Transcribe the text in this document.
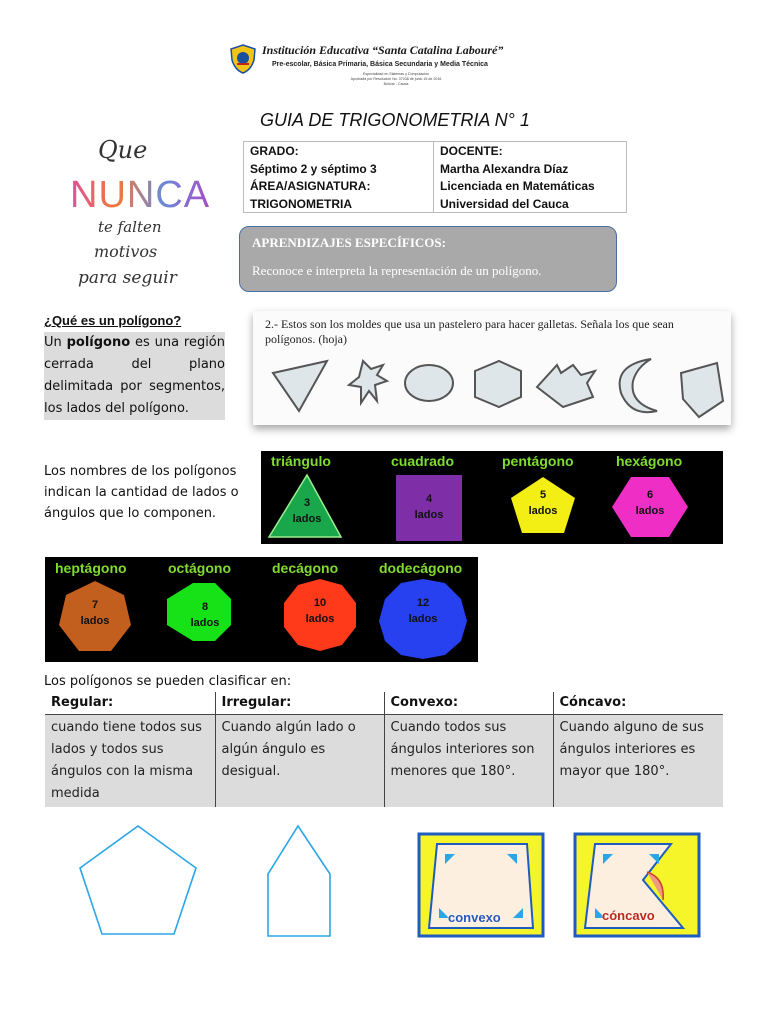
Institución Educativa “Santa Catalina Labouré”
Pre-escolar, Básica Primaria, Básica Secundaria y Media Técnica
Especialidad en Sistemas y Computación
Aprobada por Resolución No. 07038 de junio 15 de 2016
Bolívar - Cauca
GUIA DE TRIGONOMETRIA N° 1
Que
NUNCA
te falten
motivos
para seguir
GRADO:
Séptimo 2 y séptimo 3
ÁREA/ASIGNATURA:
TRIGONOMETRIA
DOCENTE:
Martha Alexandra Díaz
Licenciada en Matemáticas
Universidad del Cauca
APRENDIZAJES ESPECÍFICOS:
Reconoce e interpreta la representación de un polígono.
¿Qué es un polígono?
Un polígono es una región cerrada del plano delimitada por segmentos, los lados del polígono.
2.- Estos son los moldes que usa un pastelero para hacer galletas. Señala los que sean polígonos. (hoja)
Los nombres de los polígonos indican la cantidad de lados o ángulos que lo componen.
triángulo	cuadrado	pentágono	hexágono
3
lados
4
lados
5
lados
6
lados
heptágono	octágono	decágono	dodecágono
7
lados
8
lados
10
lados
12
lados
Los polígonos se pueden clasificar en:
Regular:	Irregular:	Convexo:	Cóncavo:
cuando tiene todos sus lados y todos sus ángulos con la misma medida	Cuando algún lado o algún ángulo es desigual.	Cuando todos sus ángulos interiores son menores que 180°.	Cuando alguno de sus ángulos interiores es mayor que 180°.
convexo	cóncavo
